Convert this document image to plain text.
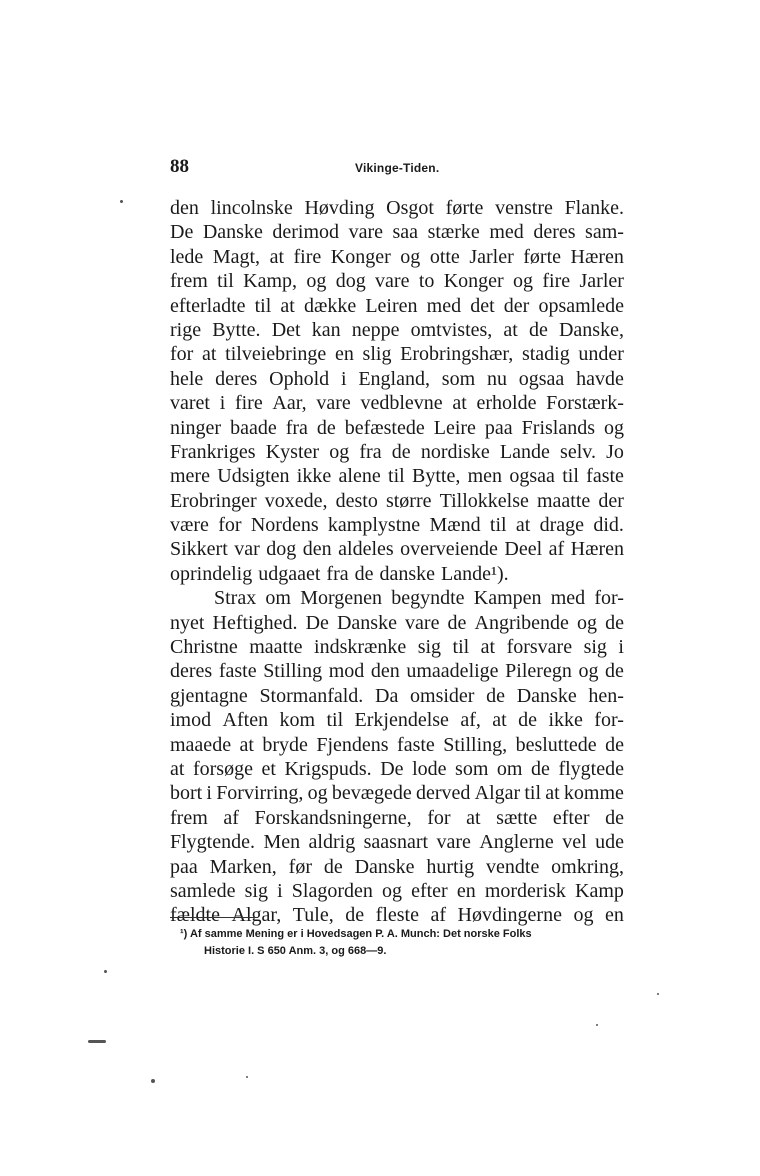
88	Vikinge-Tiden.
den lincolnske Høvding Osgot førte venstre Flanke.
De Danske derimod vare saa stærke med deres sam-
lede Magt, at fire Konger og otte Jarler førte Hæren
frem til Kamp, og dog vare to Konger og fire Jarler
efterladte til at dække Leiren med det der opsamlede
rige Bytte. Det kan neppe omtvistes, at de Danske,
for at tilveiebringe en slig Erobringshær, stadig under
hele deres Ophold i England, som nu ogsaa havde
varet i fire Aar, vare vedblevne at erholde Forstærk-
ninger baade fra de befæstede Leire paa Frislands og
Frankriges Kyster og fra de nordiske Lande selv. Jo
mere Udsigten ikke alene til Bytte, men ogsaa til faste
Erobringer voxede, desto større Tillokkelse maatte der
være for Nordens kamplystne Mænd til at drage did.
Sikkert var dog den aldeles overveiende Deel af Hæren
oprindelig udgaaet fra de danske Lande¹).
Strax om Morgenen begyndte Kampen med for-
nyet Heftighed. De Danske vare de Angribende og de
Christne maatte indskrænke sig til at forsvare sig i
deres faste Stilling mod den umaadelige Pileregn og de
gjentagne Stormanfald. Da omsider de Danske hen-
imod Aften kom til Erkjendelse af, at de ikke for-
maaede at bryde Fjendens faste Stilling, besluttede de
at forsøge et Krigspuds. De lode som om de flygtede
bort i Forvirring, og bevægede derved Algar til at komme
frem af Forskandsningerne, for at sætte efter de
Flygtende. Men aldrig saasnart vare Anglerne vel ude
paa Marken, før de Danske hurtig vendte omkring,
samlede sig i Slagorden og efter en morderisk Kamp
fældte Algar, Tule, de fleste af Høvdingerne og en
¹) Af samme Mening er i Hovedsagen P. A. Munch: Det norske Folks
Historie I. S 650 Anm. 3, og 668—9.
